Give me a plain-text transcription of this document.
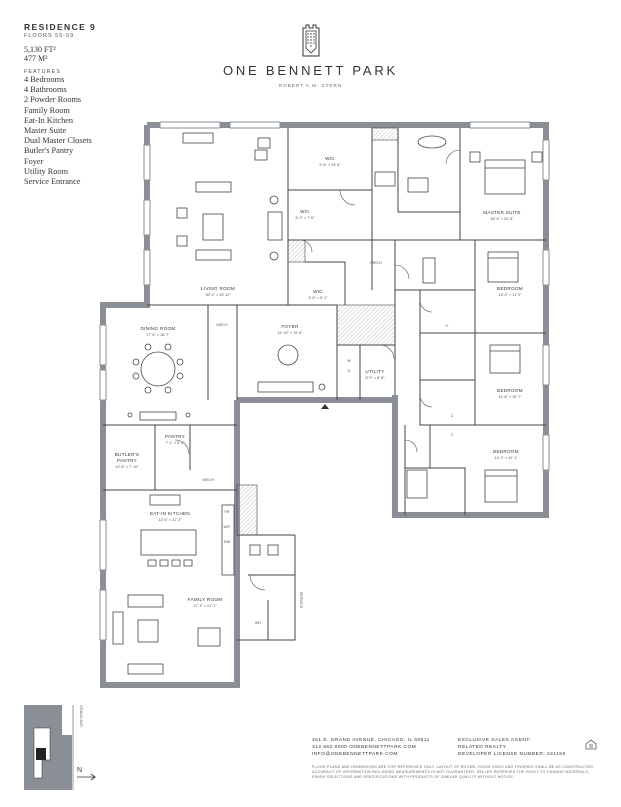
RESIDENCE 9
FLOORS 55-59
5,130 FT²
477 M²
FEATURES
4 Bedrooms
4 Bathrooms
2 Powder Rooms
Family Room
Eat-In Kitchen
Master Suite
Dual Master Closets
Butler's Pantry
Foyer
Utility Room
Service Entrance
ONE BENNETT PARK
ROBERT A.M. STERN
LIVING ROOM
30' 4" × 33' 11"
WIC
9' 8" × 23' 6"
WIC
8' 3" × 7' 6"
WIC
5' 6" × 5' 1"
MECH
MECH
MECH
MASTER SUITE
18' 5" × 22' 8"
BEDROOM
15' 0" × 11' 0"
BEDROOM
14' 8" × 10' 7"
BEDROOM
14' 1" × 11' 1"
DINING ROOM
17' 6" × 16' 7"
FOYER
13' 10" × 15' 8"
UTILITY
8' 5" × 8' 8"
PANTRY
7' 1" × 5' 4"
BUTLER'S
PANTRY
10' 8" × 7' 10"
EAT-IN KITCHEN
13' 6" × 21' 3"
FAMILY ROOM
17' 3" × 21' 1"
C
C
C
FR
W/F
DW
WH
W
D
SERVICE
GRAND AVE.
N
451 E. GRAND AVENUE, CHICAGO, IL 60611
312.662.9900 ONEBENNETTPARK.COM
INFO@ONEBENNETTPARK.COM
EXCLUSIVE SALES AGENT:
RELATED REALTY
DEVELOPER LICENSE NUMBER: 241158
FLOOR PLANS AND DIMENSIONS ARE FOR REFERENCE ONLY. LAYOUT OF ROOMS, ROOM SIZES AND FINISHES SHALL BE AS CONSTRUCTED. ACCURACY OF INFORMATION INCLUDING MEASUREMENTS IS NOT GUARANTEED. SELLER RESERVES THE RIGHT TO CHANGE MATERIALS, FINISH SELECTIONS AND SPECIFICATIONS WITH PRODUCTS OF SIMILAR QUALITY WITHOUT NOTICE.
